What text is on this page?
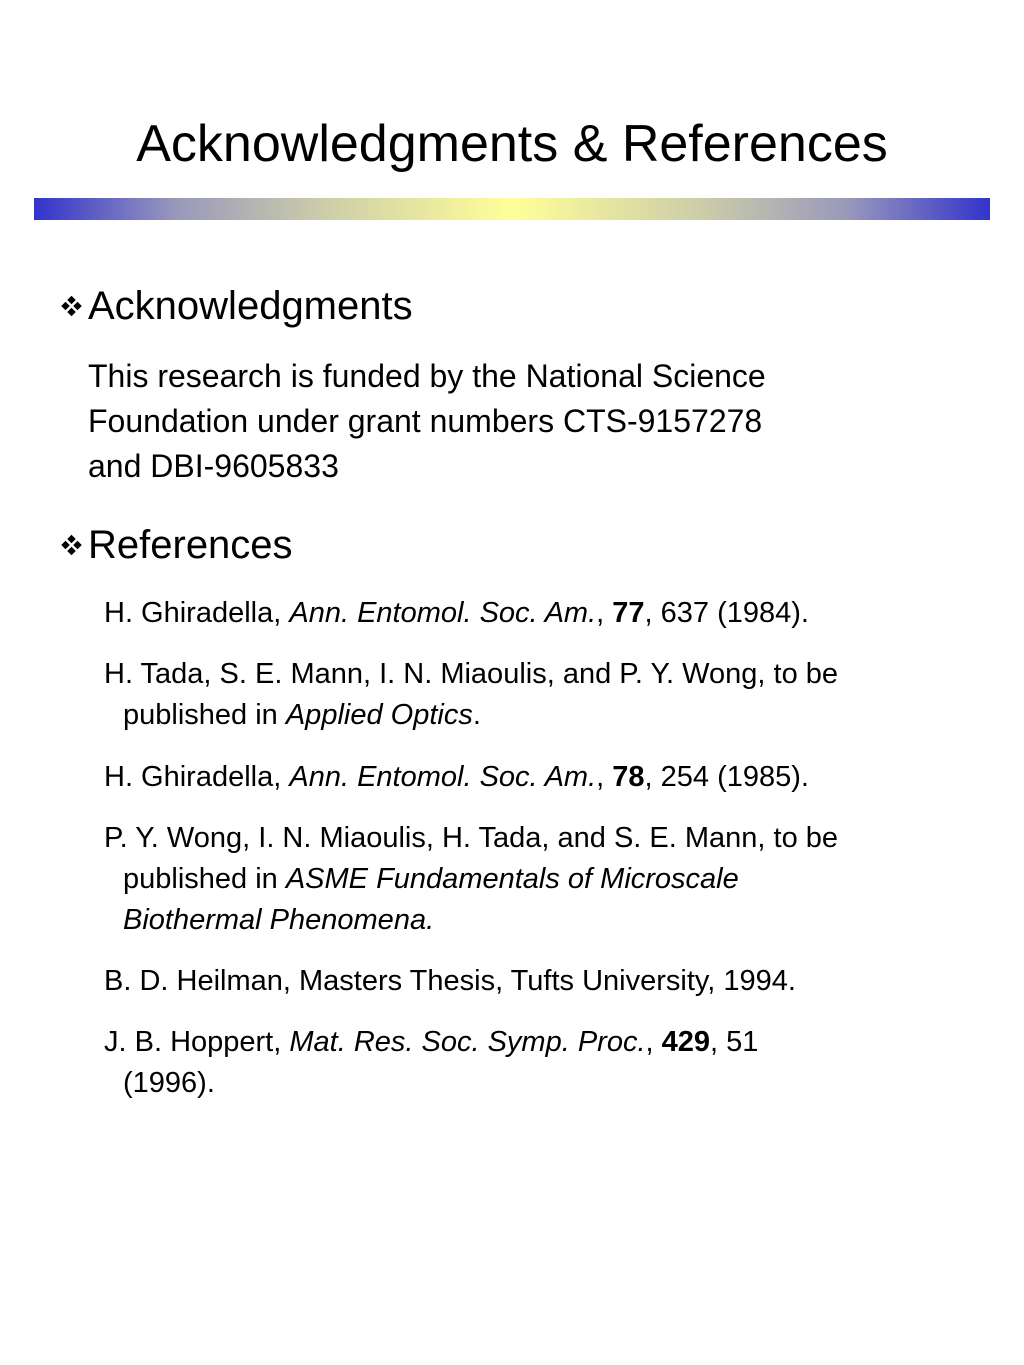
Acknowledgments & References
Acknowledgments
This research is funded by the National Science
Foundation under grant numbers CTS-9157278
and DBI-9605833
References
H. Ghiradella, Ann. Entomol. Soc. Am., 77, 637 (1984).
H. Tada, S. E. Mann, I. N. Miaoulis, and P. Y. Wong, to be
published in Applied Optics.
H. Ghiradella, Ann. Entomol. Soc. Am., 78, 254 (1985).
P. Y. Wong, I. N. Miaoulis, H. Tada, and S. E. Mann, to be
published in ASME Fundamentals of Microscale
Biothermal Phenomena.
B. D. Heilman, Masters Thesis, Tufts University, 1994.
J. B. Hoppert, Mat. Res. Soc. Symp. Proc., 429, 51
(1996).
